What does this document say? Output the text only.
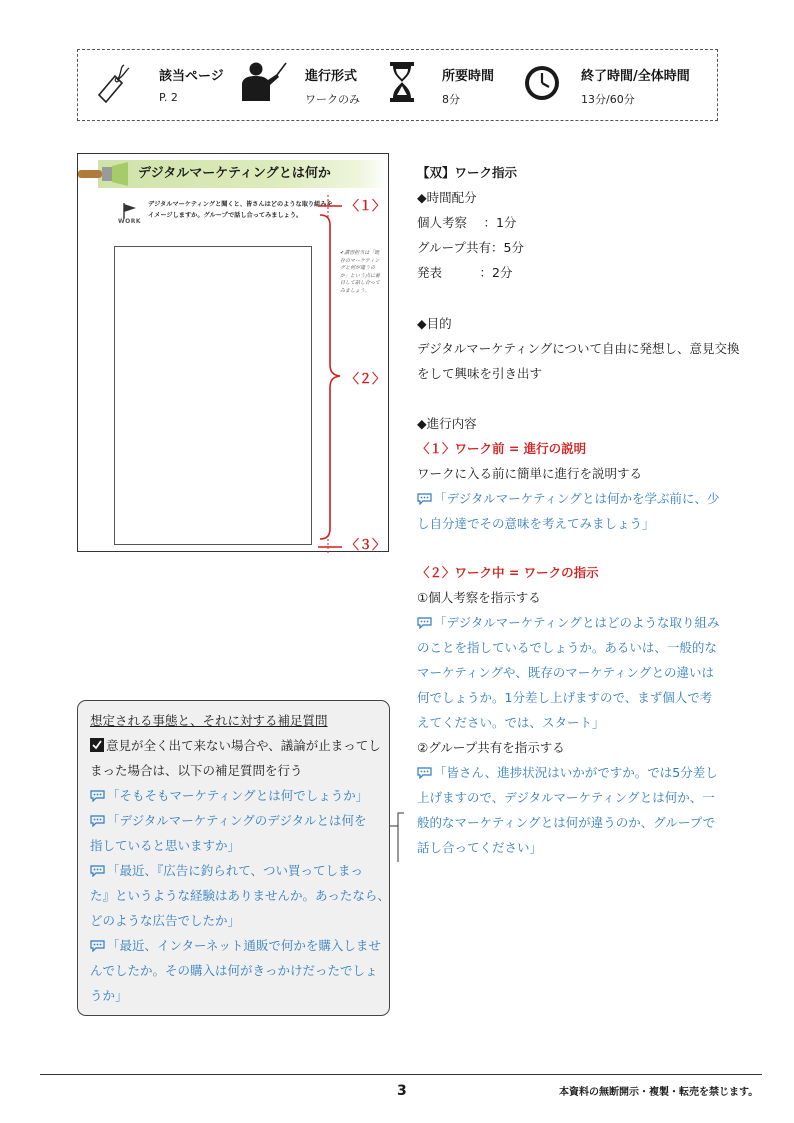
該当ページ
P. 2
進行形式
ワークのみ
所要時間
8分
終了時間/全体時間
13分/60分
デジタルマーケティングとは何か
WORK
デジタルマーケティングと聞くと、皆さんはどのような取り組みをイメージしますか。グループで話し合ってみましょう。
✔講習担当は「既存のマーケティングと何が違うのか」という点に着目して話し合ってみましょう。
〈１〉
〈２〉
〈３〉
【双】ワーク指示
◆時間配分
個人考察　 ：1分
グループ共有：5分
発表　　　：2分
◆目的
デジタルマーケティングについて自由に発想し、意見交換
をして興味を引き出す
◆進行内容
〈１〉ワーク前 = 進行の説明
ワークに入る前に簡単に進行を説明する
「デジタルマーケティングとは何かを学ぶ前に、少
し自分達でその意味を考えてみましょう」
〈２〉ワーク中 = ワークの指示
①個人考察を指示する
「デジタルマーケティングとはどのような取り組み
のことを指しているでしょうか。あるいは、一般的な
マーケティングや、既存のマーケティングとの違いは
何でしょうか。1分差し上げますので、まず個人で考
えてください。では、スタート」
②グループ共有を指示する
「皆さん、進捗状況はいかがですか。では5分差し
上げますので、デジタルマーケティングとは何か、一
般的なマーケティングとは何が違うのか、グループで
話し合ってください」
想定される事態と、それに対する補足質問
意見が全く出て来ない場合や、議論が止まってし
まった場合は、以下の補足質問を行う
「そもそもマーケティングとは何でしょうか」
「デジタルマーケティングのデジタルとは何を
指していると思いますか」
「最近、『広告に釣られて、つい買ってしまっ
た』というような経験はありませんか。あったなら、
どのような広告でしたか」
「最近、インターネット通販で何かを購入しませ
んでしたか。その購入は何がきっかけだったでしょ
うか」
3	本資料の無断開示・複製・転売を禁じます。
